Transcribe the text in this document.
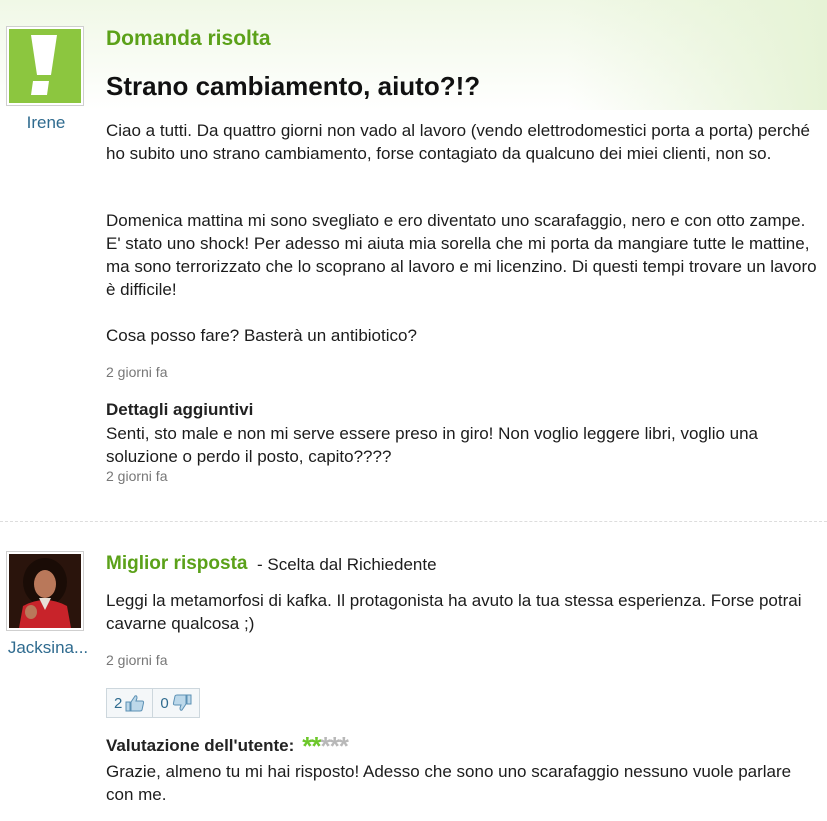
Irene
Domanda risolta
Strano cambiamento, aiuto?!?
Ciao a tutti. Da quattro giorni non vado al lavoro (vendo elettrodomestici porta a porta) perché ho subito uno strano cambiamento, forse contagiato da qualcuno dei miei clienti, non so.
Domenica mattina mi sono svegliato e ero diventato uno scarafaggio, nero e con otto zampe. E' stato uno shock! Per adesso mi aiuta mia sorella che mi porta da mangiare tutte le mattine, ma sono terrorizzato che lo scoprano al lavoro e mi licenzino. Di questi tempi trovare un lavoro è difficile!
Cosa posso fare? Basterà un antibiotico?
2 giorni fa
Dettagli aggiuntivi
Senti, sto male e non mi serve essere preso in giro! Non voglio leggere libri, voglio una soluzione o perdo il posto, capito????
2 giorni fa
Jacksina...
Miglior risposta - Scelta dal Richiedente
Leggi la metamorfosi di kafka. Il protagonista ha avuto la tua stessa esperienza. Forse potrai cavarne qualcosa ;)
2 giorni fa
2	0
Valutazione dell'utente: * * * * *
Grazie, almeno tu mi hai risposto! Adesso che sono uno scarafaggio nessuno vuole parlare con me.
